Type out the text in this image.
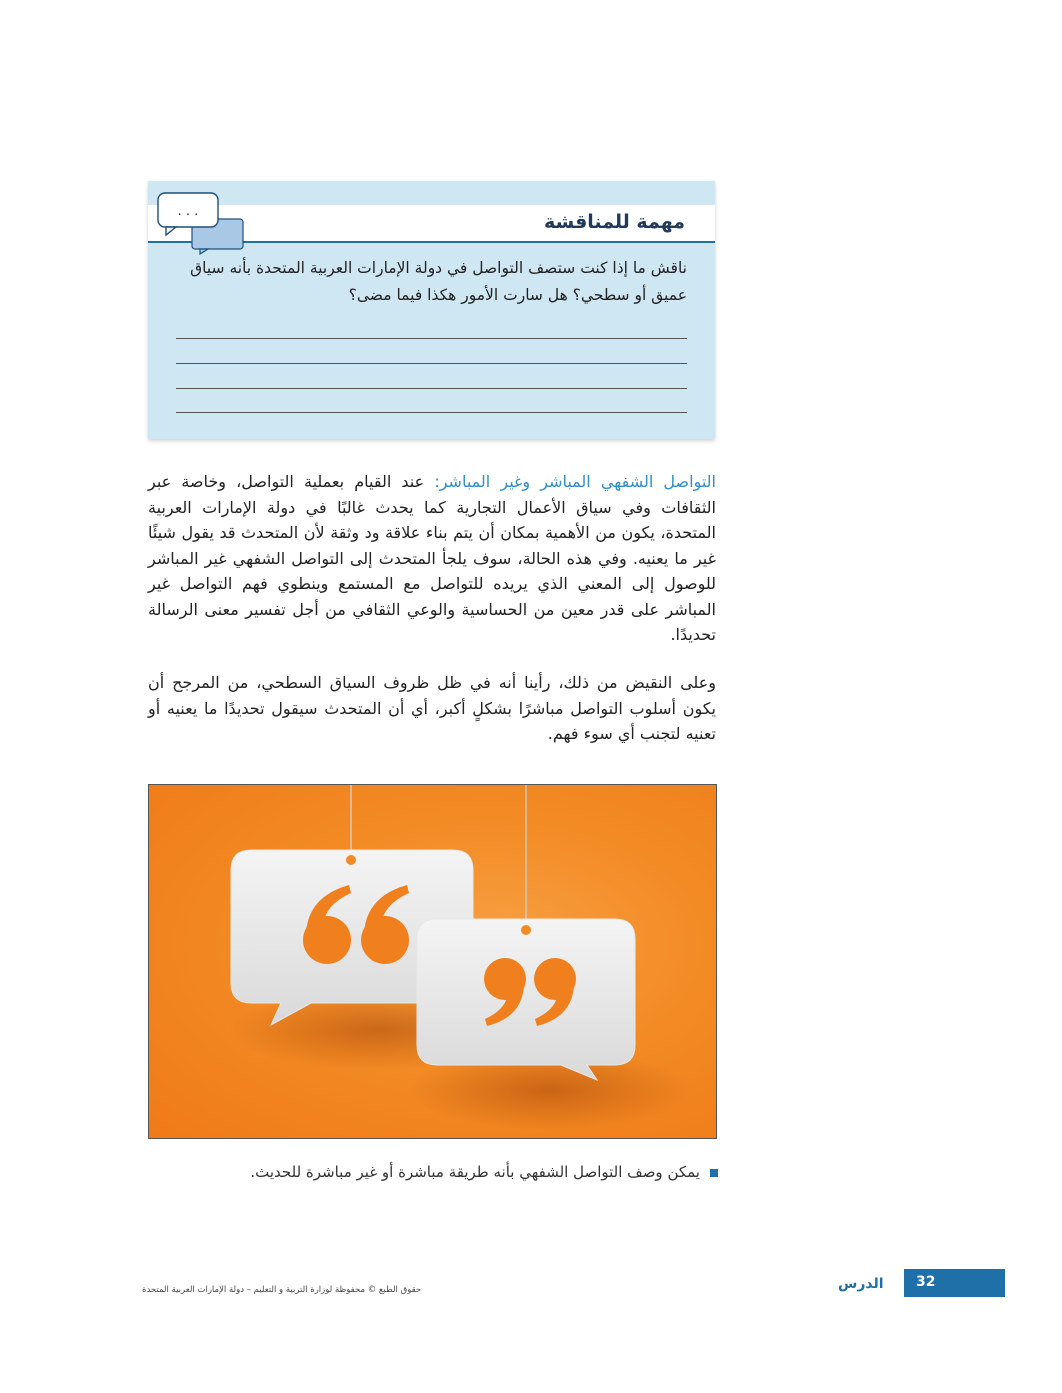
مهمة للمناقشة
. . .
ناقش ما إذا كنت ستصف التواصل في دولة الإمارات العربية المتحدة بأنه سياق عميق أو سطحي؟ هل سارت الأمور هكذا فيما مضى؟
التواصل الشفهي المباشر وغير المباشر: عند القيام بعملية التواصل، وخاصة عبر الثقافات وفي سياق الأعمال التجارية كما يحدث غالبًا في دولة الإمارات العربية المتحدة، يكون من الأهمية بمكان أن يتم بناء علاقة ود وثقة لأن المتحدث قد يقول شيئًا غير ما يعنيه. وفي هذه الحالة، سوف يلجأ المتحدث إلى التواصل الشفهي غير المباشر للوصول إلى المعني الذي يريده للتواصل مع المستمع وينطوي فهم التواصل غير المباشر على قدر معين من الحساسية والوعي الثقافي من أجل تفسير معنى الرسالة تحديدًا.
وعلى النقيض من ذلك، رأينا أنه في ظل ظروف السياق السطحي، من المرجح أن يكون أسلوب التواصل مباشرًا بشكلٍ أكبر، أي أن المتحدث سيقول تحديدًا ما يعنيه أو تعنيه لتجنب أي سوء فهم.
يمكن وصف التواصل الشفهي بأنه طريقة مباشرة أو غير مباشرة للحديث.
حقوق الطبع © محفوظة لوزارة التربية و التعليم – دولة الإمارات العربية المتحدة	الدرس 32
